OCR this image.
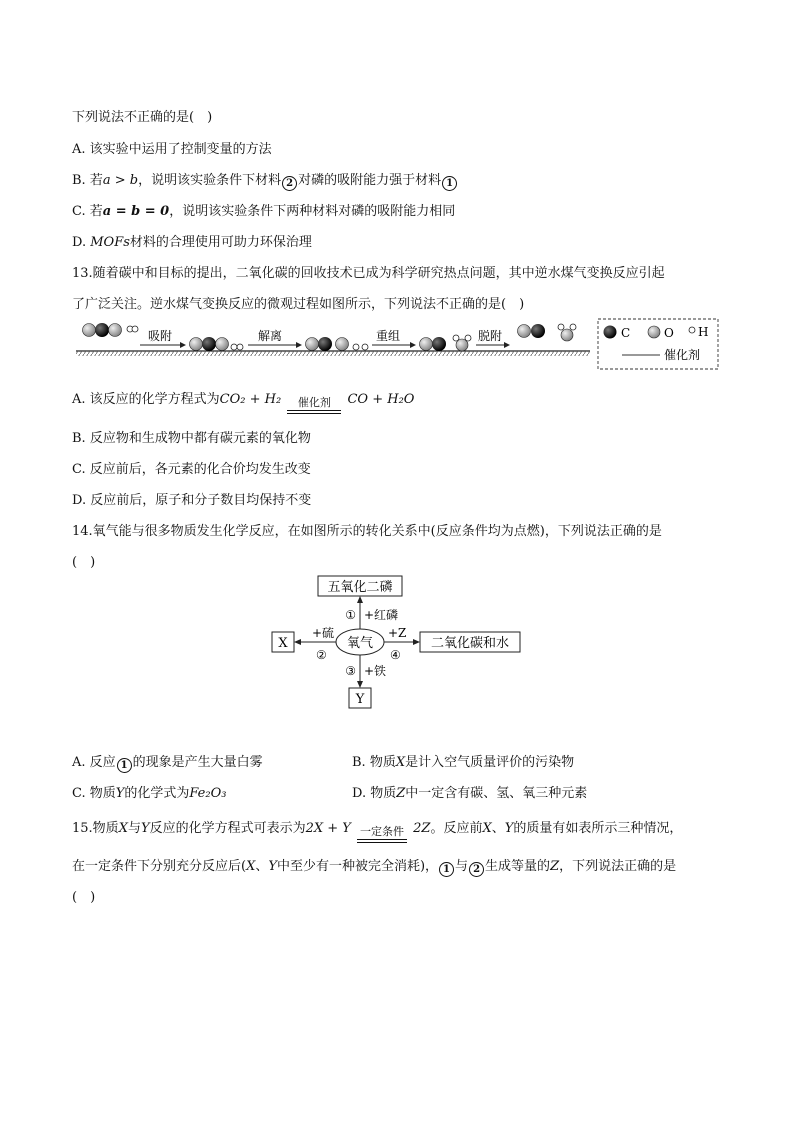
下列说法不正确的是(　)
A. 该实验中运用了控制变量的方法
B. 若a > b，说明该实验条件下材料 2 对磷的吸附能力强于材料 1
C. 若a = b = 0，说明该实验条件下两种材料对磷的吸附能力相同
D. MOFs材料的合理使用可助力环保治理
13.随着碳中和目标的提出，二氧化碳的回收技术已成为科学研究热点问题，其中逆水煤气变换反应引起
了广泛关注。逆水煤气变换反应的微观过程如图所示，下列说法不正确的是(　)
吸附	解离	重组	脱附	C	O H
催化剂
A. 该反应的化学方程式为CO₂ + H₂	催化剂	CO + H₂O
B. 反应物和生成物中都有碳元素的氧化物
C. 反应前后，各元素的化合价均发生改变
D. 反应前后，原子和分子数目均保持不变
14.氧气能与很多物质发生化学反应，在如图所示的转化关系中(反应条件均为点燃)，下列说法正确的是
(　)
五氧化二磷
氧气
① +红磷
X
+硫
②
二氧化碳和水
+Z
④
③ +铁
Y
A. 反应 1 的现象是产生大量白雾	B. 物质X是计入空气质量评价的污染物
C. 物质Y的化学式为Fe₂O₃	D. 物质Z中一定含有碳、氢、氧三种元素
15.物质X与Y反应的化学方程式可表示为2X + Y 一定条件 2Z。反应前X、Y的质量有如表所示三种情况，
在一定条件下分别充分反应后(X、Y中至少有一种被完全消耗)， 1 与 2 生成等量的Z，下列说法正确的是
(　)
